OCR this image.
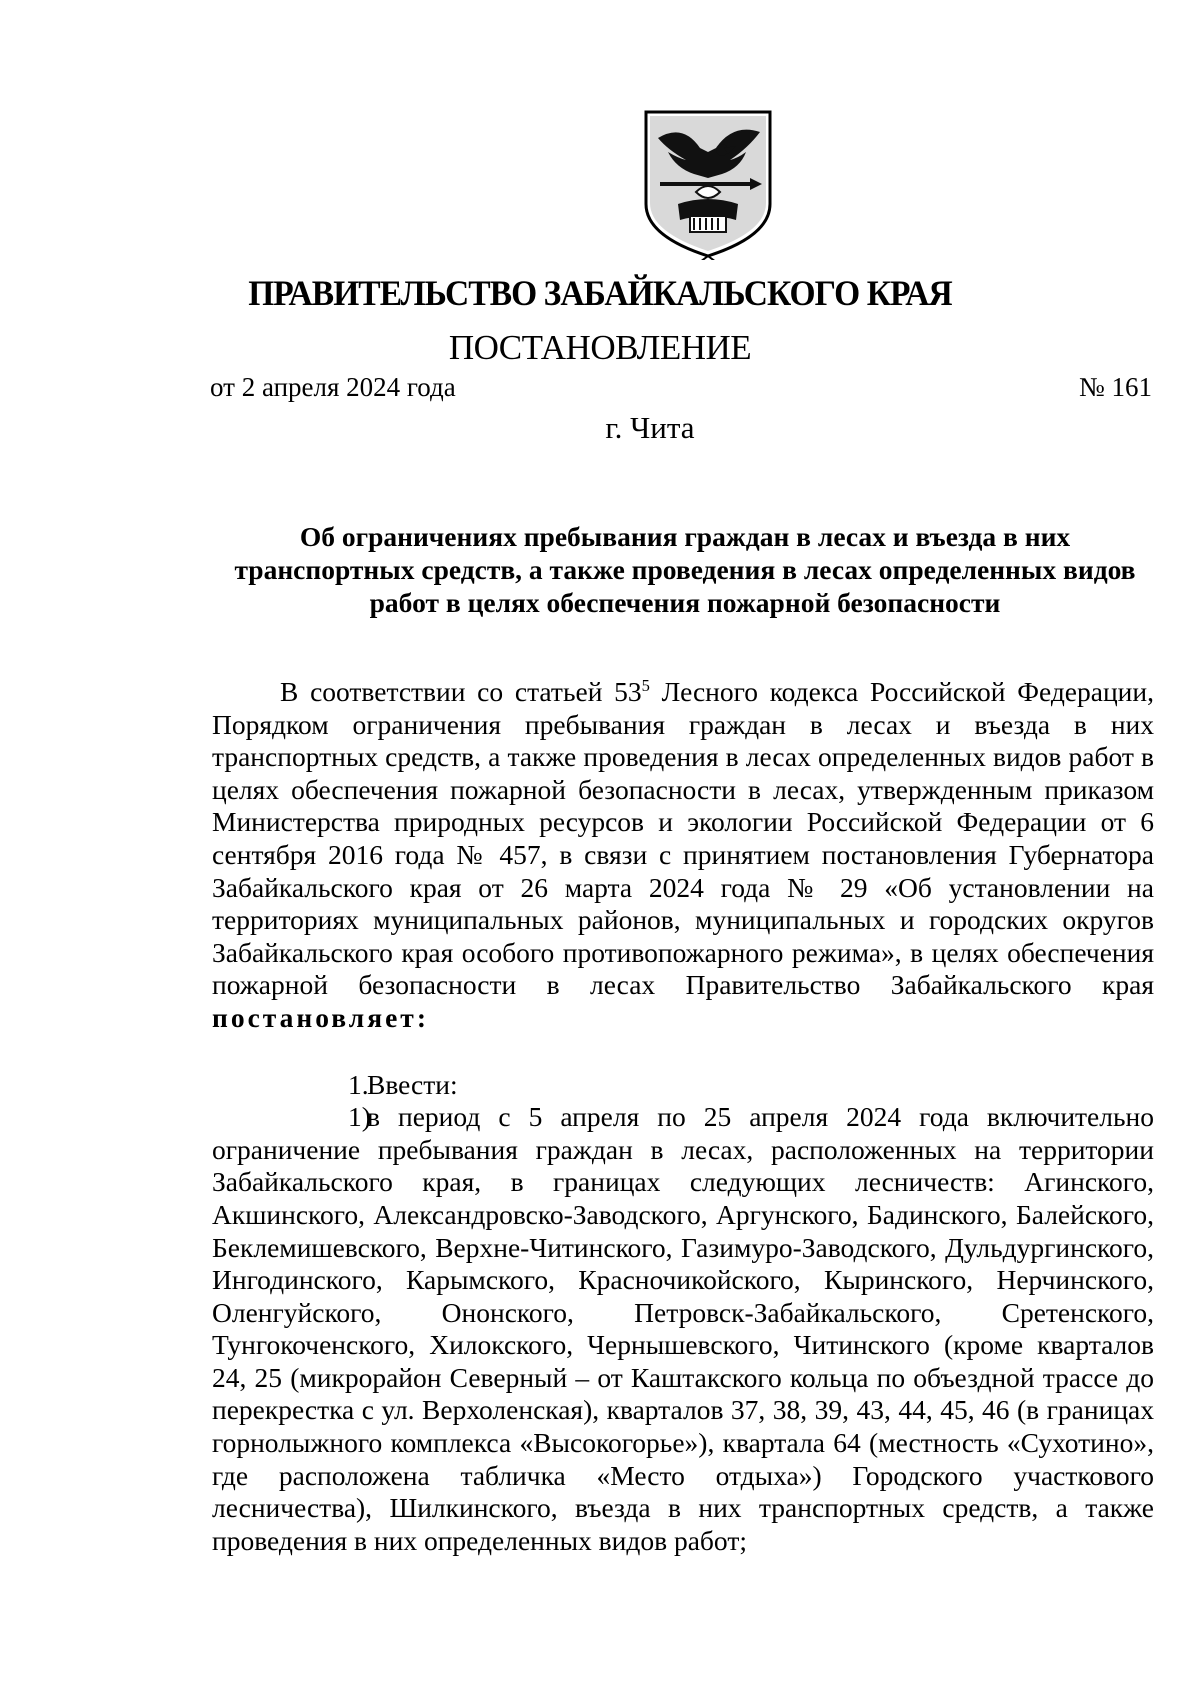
ПРАВИТЕЛЬСТВО ЗАБАЙКАЛЬСКОГО КРАЯ
ПОСТАНОВЛЕНИЕ
от 2 апреля 2024 года	№ 161
г. Чита
Об ограничениях пребывания граждан в лесах и въезда в них
транспортных средств, а также проведения в лесах определенных видов
работ в целях обеспечения пожарной безопасности

В соответствии со статьей $53^5$ Лесного кодекса Российской Федерации, Порядком ограничения пребывания граждан в лесах и въезда в них транспортных средств, а также проведения в лесах определенных видов работ в целях обеспечения пожарной безопасности в лесах, утвержденным приказом Министерства природных ресурсов и экологии Российской Федерации от 6 сентября 2016 года № 457, в связи с принятием постановления Губернатора Забайкальского края от 26 марта 2024 года № 29 «Об установлении на территориях муниципальных районов, муниципальных и городских округов Забайкальского края особого противопожарного режима», в целях обеспечения пожарной безопасности в лесах Правительство Забайкальского края постановляет:

1.Ввести:

1)в период с 5 апреля по 25 апреля 2024 года включительно ограничение пребывания граждан в лесах, расположенных на территории Забайкальского края, в границах следующих лесничеств: Агинского, Акшинского, Александровско-Заводского, Аргунского, Бадинского, Балейского, Беклемишевского, Верхне-Читинского, Газимуро-Заводского, Дульдургинского, Ингодинского, Карымского, Красночикойского, Кыринского, Нерчинского, Оленгуйского, Ононского, Петровск-Забайкальского, Сретенского, Тунгокоченского, Хилокского, Чернышевского, Читинского (кроме кварталов 24, 25 (микрорайон Северный – от Каштакского кольца по объездной трассе до перекрестка с ул. Верхоленская), кварталов 37, 38, 39, 43, 44, 45, 46 (в границах горнолыжного комплекса «Высокогорье»), квартала 64 (местность «Сухотино», где расположена табличка «Место отдыха») Городского участкового лесничества), Шилкинского, въезда в них транспортных средств, а также проведения в них определенных видов работ;
